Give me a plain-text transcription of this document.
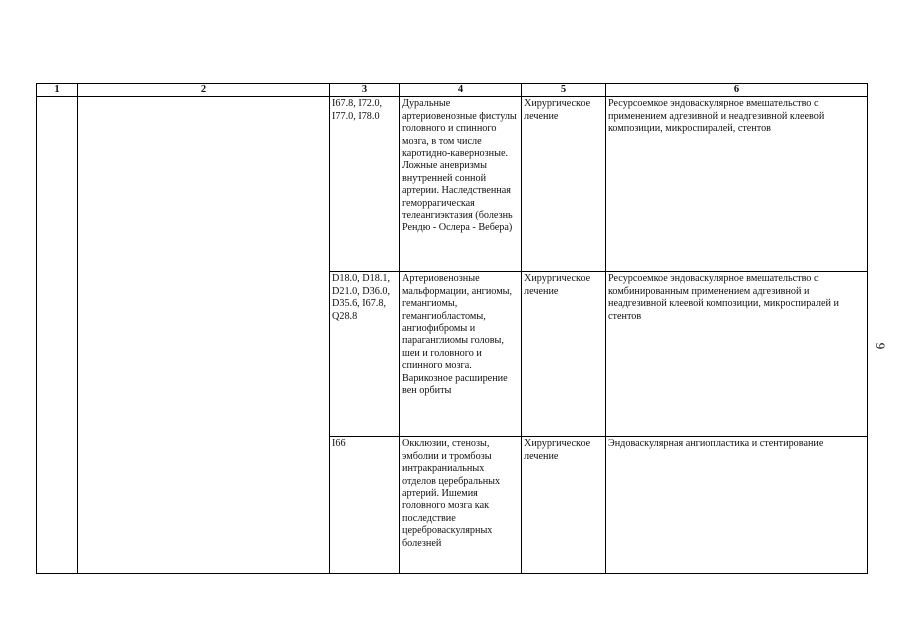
1	2	3	4	5	6
		I67.8, I72.0, I77.0, I78.0	Дуральные артериовенозные фистулы головного и спинного мозга, в том числе каротидно-кавернозные. Ложные аневризмы внутренней сонной артерии. Наследственная геморрагическая телеангиэктазия (болезнь Рендю - Ослера - Вебера)	Хирургическое лечение	Ресурсоемкое эндоваскулярное вмешательство с применением адгезивной и неадгезивной клеевой композиции, микроспиралей, стентов
		D18.0, D18.1, D21.0, D36.0, D35.6, I67.8, Q28.8	Артериовенозные мальформации, ангиомы, гемангиомы, гемангиобластомы, ангиофибромы и параганглиомы головы, шеи и головного и спинного мозга. Варикозное расширение вен орбиты	Хирургическое лечение	Ресурсоемкое эндоваскулярное вмешательство с комбинированным применением адгезивной и неадгезивной клеевой композиции, микроспиралей и стентов
		I66	Окклюзии, стенозы, эмболии и тромбозы интракраниальных отделов церебральных артерий. Ишемия головного мозга как последствие цереброваскулярных болезней	Хирургическое лечение	Эндоваскулярная ангиопластика и стентирование
9
